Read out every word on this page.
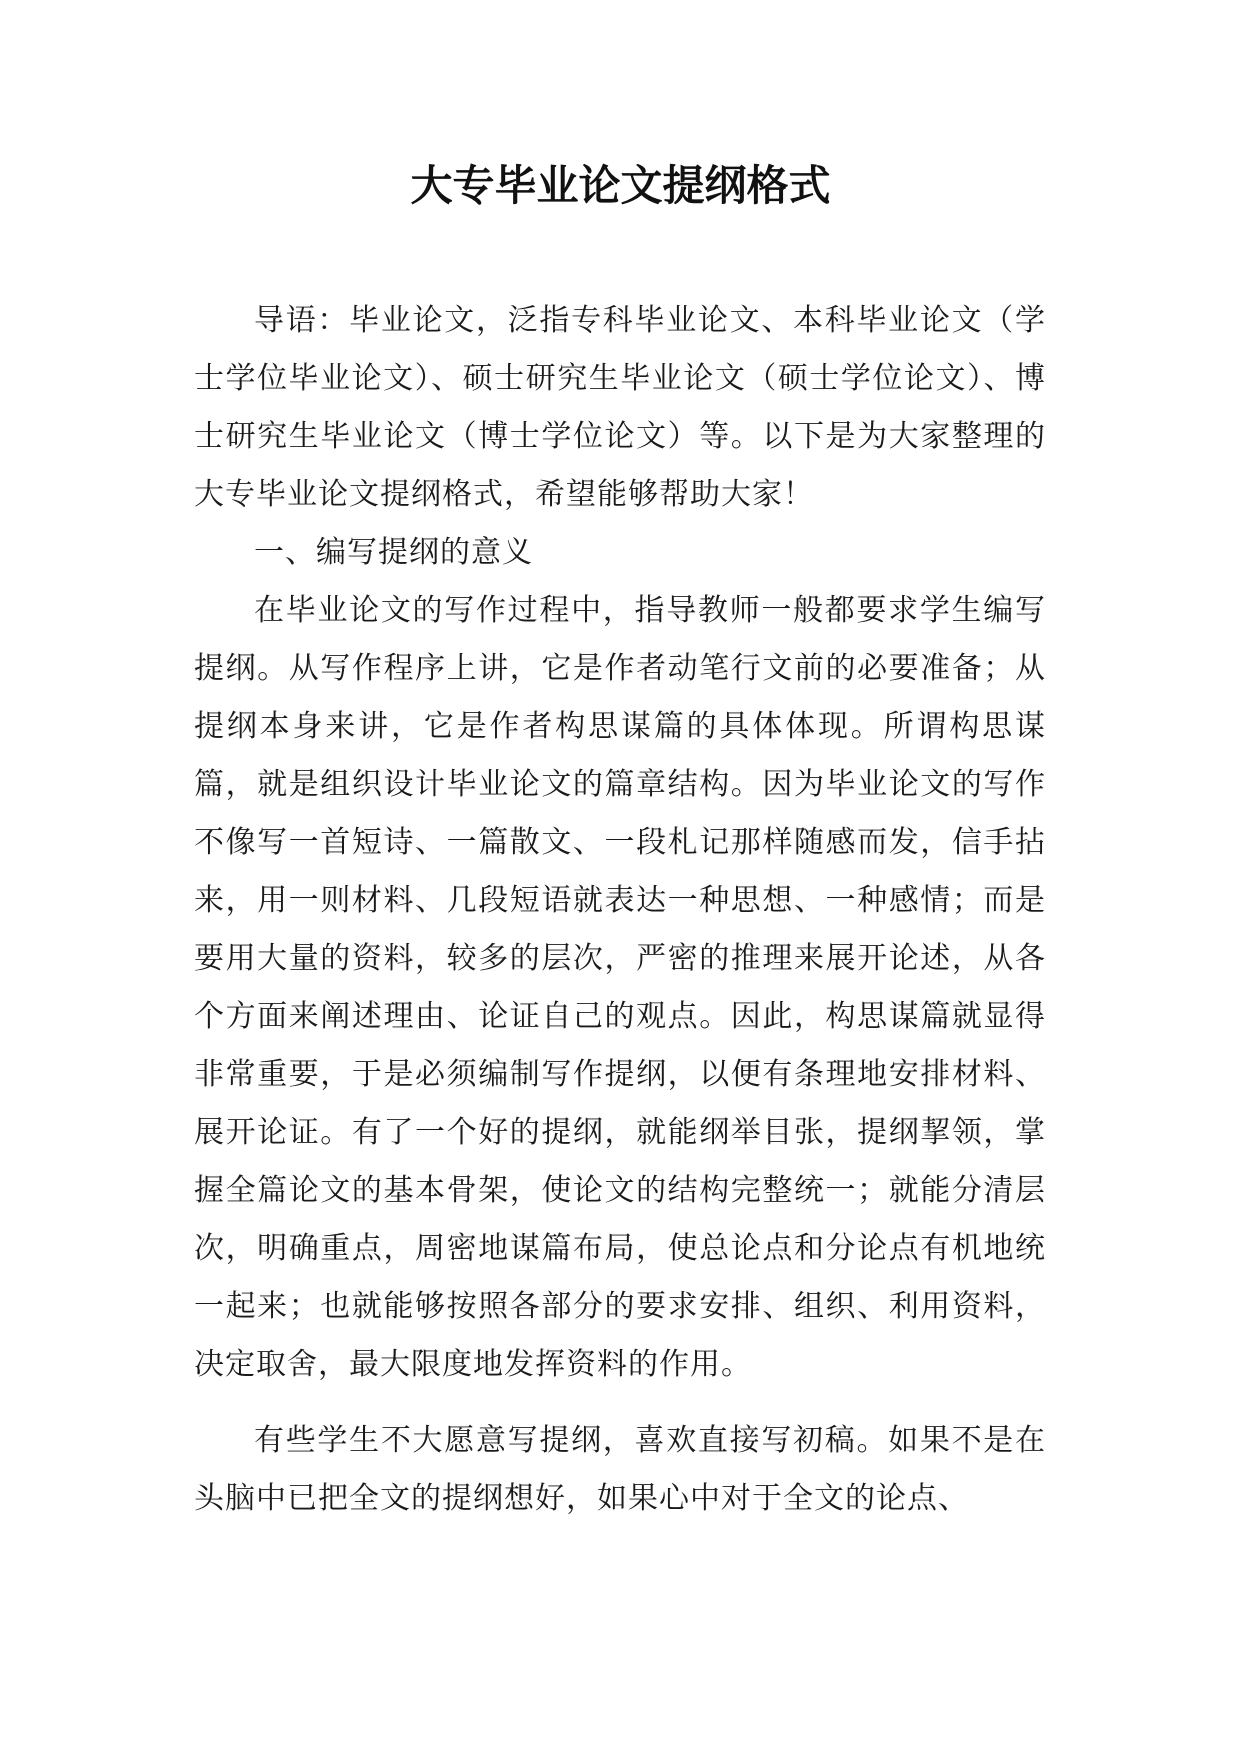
大专毕业论文提纲格式

导语：毕业论文，泛指专科毕业论文、本科毕业论文（学士学位毕业论文）、硕士研究生毕业论文（硕士学位论文）、博士研究生毕业论文（博士学位论文）等。以下是为大家整理的大专毕业论文提纲格式，希望能够帮助大家！

一、编写提纲的意义

在毕业论文的写作过程中，指导教师一般都要求学生编写提纲。从写作程序上讲，它是作者动笔行文前的必要准备；从提纲本身来讲，它是作者构思谋篇的具体体现。所谓构思谋篇，就是组织设计毕业论文的篇章结构。因为毕业论文的写作不像写一首短诗、一篇散文、一段札记那样随感而发，信手拈来，用一则材料、几段短语就表达一种思想、一种感情；而是要用大量的资料，较多的层次，严密的推理来展开论述，从各个方面来阐述理由、论证自己的观点。因此，构思谋篇就显得非常重要，于是必须编制写作提纲，以便有条理地安排材料、展开论证。有了一个好的提纲，就能纲举目张，提纲挈领，掌握全篇论文的基本骨架，使论文的结构完整统一；就能分清层次，明确重点，周密地谋篇布局，使总论点和分论点有机地统一起来；也就能够按照各部分的要求安排、组织、利用资料，决定取舍，最大限度地发挥资料的作用。

有些学生不大愿意写提纲，喜欢直接写初稿。如果不是在头脑中已把全文的提纲想好，如果心中对于全文的论点、
